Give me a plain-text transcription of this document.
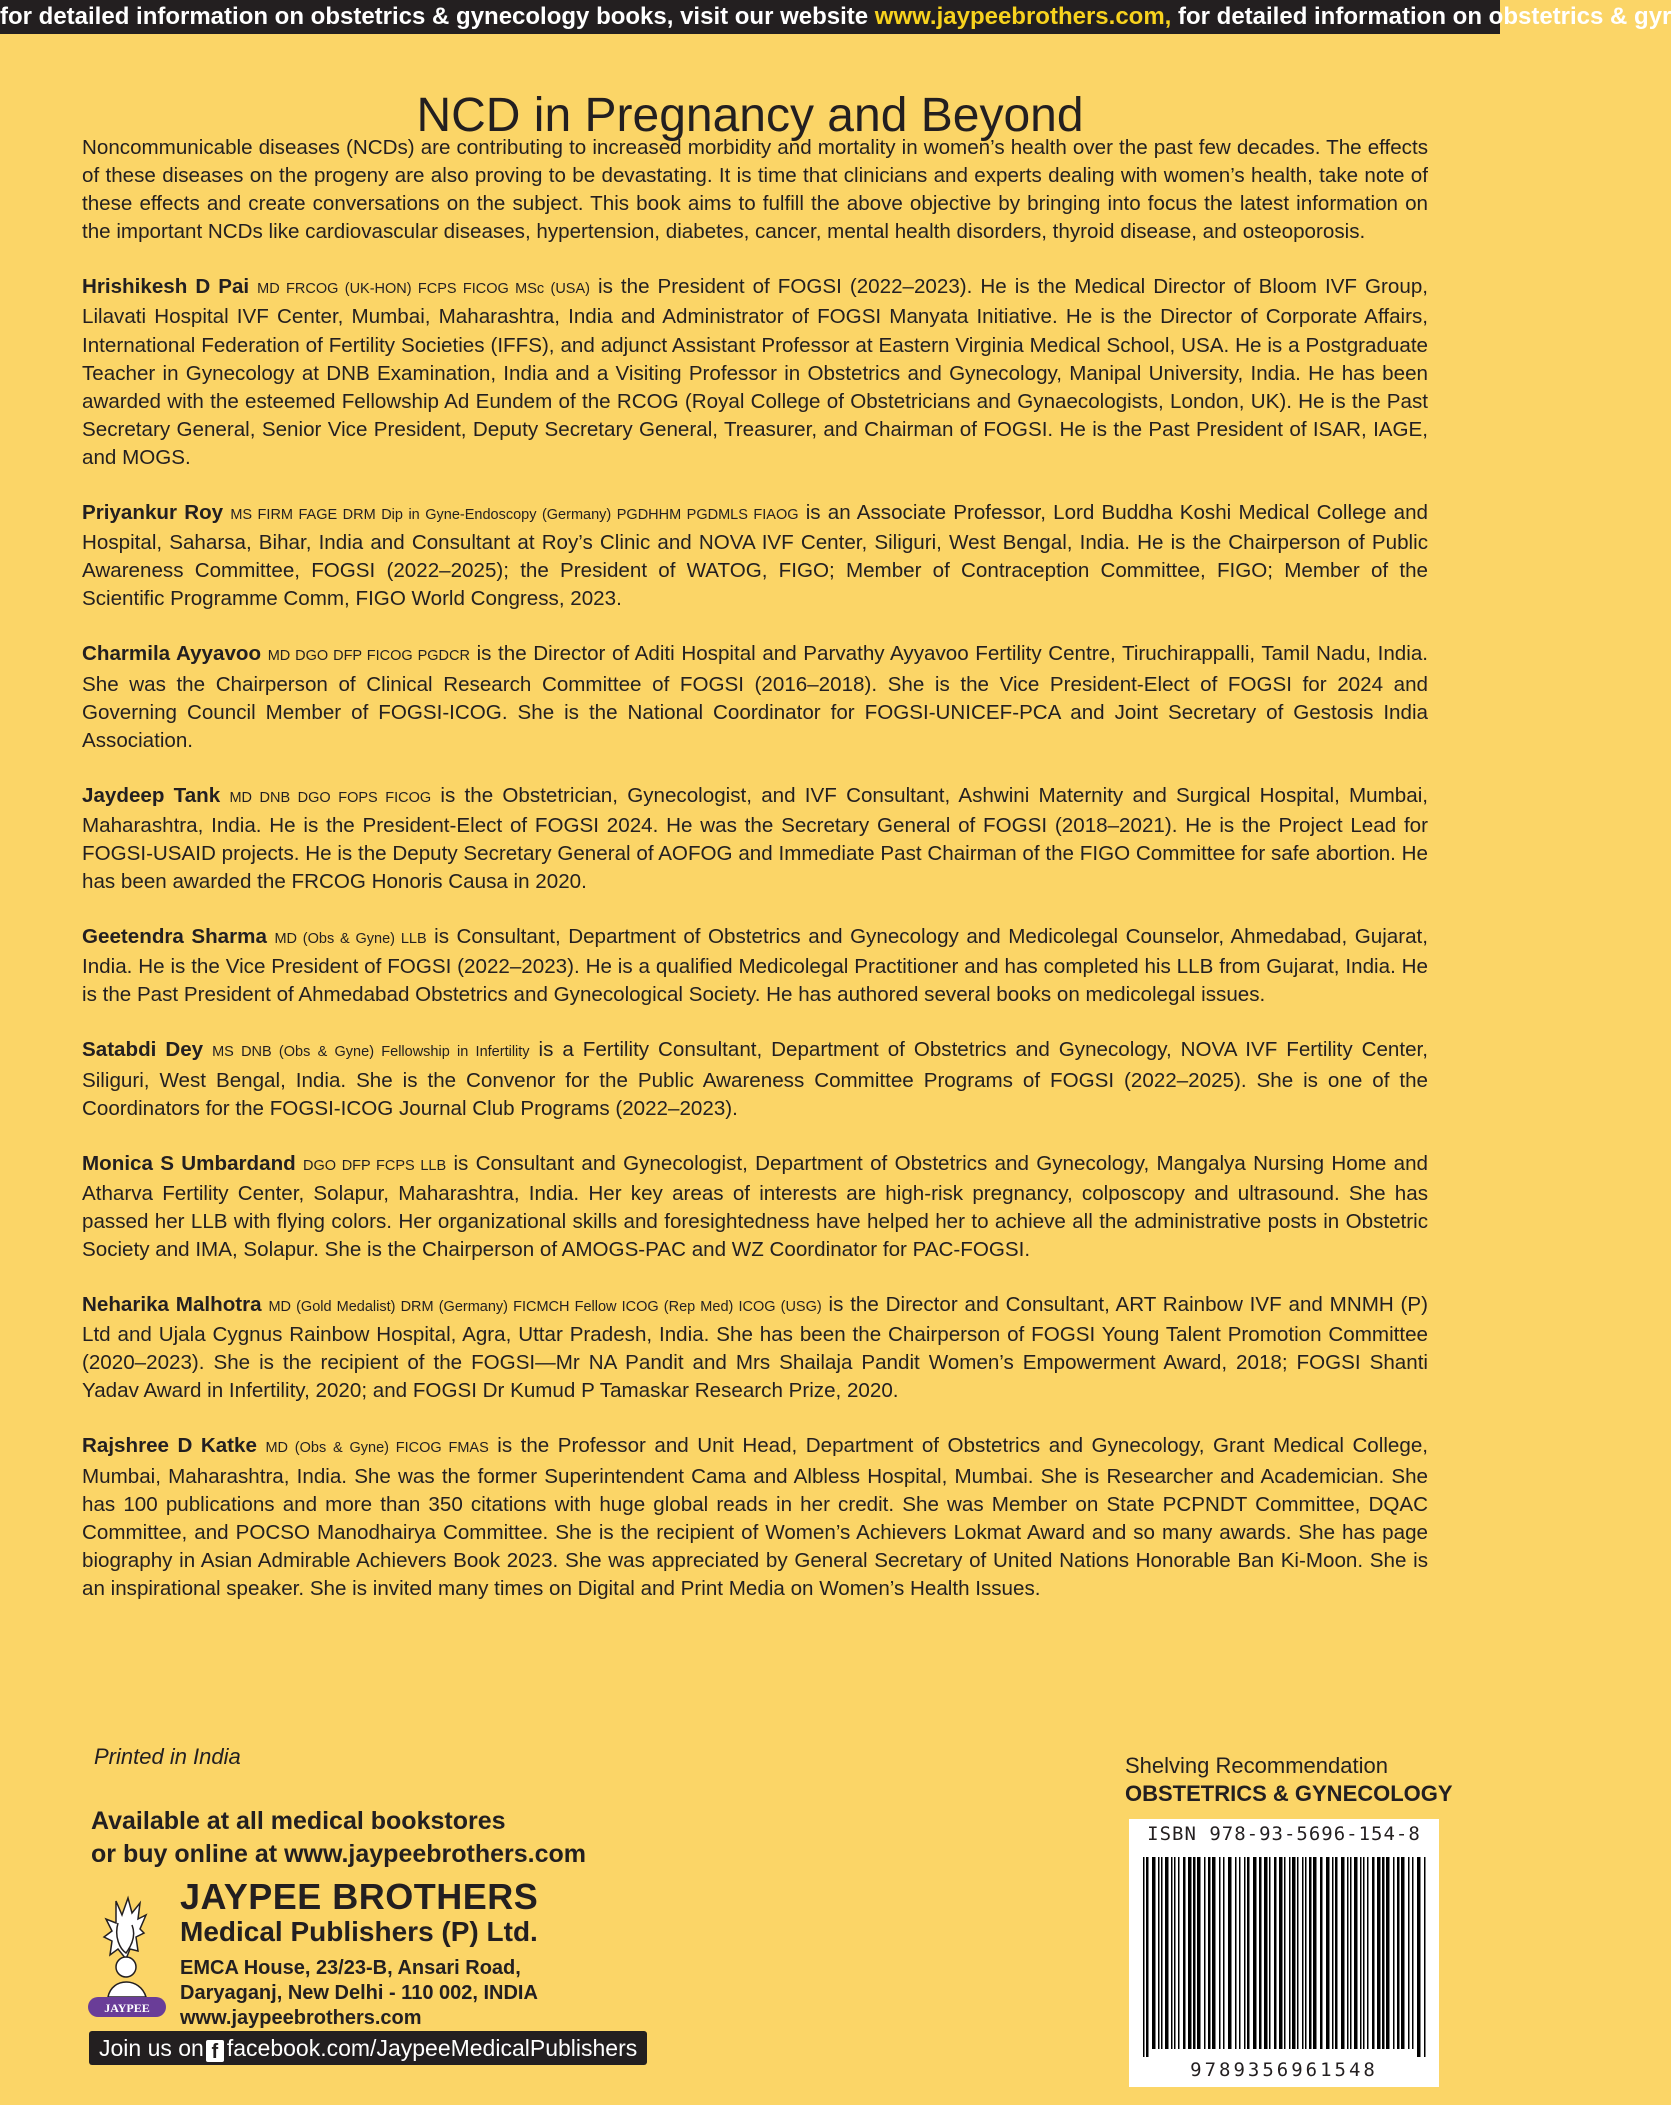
for detailed information on obstetrics & gynecology books, visit our website www.jaypeebrothers.com, for detailed information on obstetrics & gyr
NCD in Pregnancy and Beyond

Noncommunicable diseases (NCDs) are contributing to increased morbidity and mortality in women’s health over the past few decades. The effects of these diseases on the progeny are also proving to be devastating. It is time that clinicians and experts dealing with women’s health, take note of these effects and create conversations on the subject. This book aims to fulfill the above objective by bringing into focus the latest information on the important NCDs like cardiovascular diseases, hypertension, diabetes, cancer, mental health disorders, thyroid disease, and osteoporosis.

Hrishikesh D Pai MD FRCOG (UK-HON) FCPS FICOG MSc (USA) is the President of FOGSI (2022–2023). He is the Medical Director of Bloom IVF Group, Lilavati Hospital IVF Center, Mumbai, Maharashtra, India and Administrator of FOGSI Manyata Initiative. He is the Director of Corporate Affairs, International Federation of Fertility Societies (IFFS), and adjunct Assistant Professor at Eastern Virginia Medical School, USA. He is a Postgraduate Teacher in Gynecology at DNB Examination, India and a Visiting Professor in Obstetrics and Gynecology, Manipal University, India. He has been awarded with the esteemed Fellowship Ad Eundem of the RCOG (Royal College of Obstetricians and Gynaecologists, London, UK). He is the Past Secretary General, Senior Vice President, Deputy Secretary General, Treasurer, and Chairman of FOGSI. He is the Past President of ISAR, IAGE, and MOGS.

Priyankur Roy MS FIRM FAGE DRM Dip in Gyne-Endoscopy (Germany) PGDHHM PGDMLS FIAOG is an Associate Professor, Lord Buddha Koshi Medical College and Hospital, Saharsa, Bihar, India and Consultant at Roy’s Clinic and NOVA IVF Center, Siliguri, West Bengal, India. He is the Chairperson of Public Awareness Committee, FOGSI (2022–2025); the President of WATOG, FIGO; Member of Contraception Committee, FIGO; Member of the Scientific Programme Comm, FIGO World Congress, 2023.

Charmila Ayyavoo MD DGO DFP FICOG PGDCR is the Director of Aditi Hospital and Parvathy Ayyavoo Fertility Centre, Tiruchirappalli, Tamil Nadu, India. She was the Chairperson of Clinical Research Committee of FOGSI (2016–2018). She is the Vice President-Elect of FOGSI for 2024 and Governing Council Member of FOGSI-ICOG. She is the National Coordinator for FOGSI-UNICEF-PCA and Joint Secretary of Gestosis India Association.

Jaydeep Tank MD DNB DGO FOPS FICOG is the Obstetrician, Gynecologist, and IVF Consultant, Ashwini Maternity and Surgical Hospital, Mumbai, Maharashtra, India. He is the President-Elect of FOGSI 2024. He was the Secretary General of FOGSI (2018–2021). He is the Project Lead for FOGSI-USAID projects. He is the Deputy Secretary General of AOFOG and Immediate Past Chairman of the FIGO Committee for safe abortion. He has been awarded the FRCOG Honoris Causa in 2020.

Geetendra Sharma MD (Obs & Gyne) LLB is Consultant, Department of Obstetrics and Gynecology and Medicolegal Counselor, Ahmedabad, Gujarat, India. He is the Vice President of FOGSI (2022–2023). He is a qualified Medicolegal Practitioner and has completed his LLB from Gujarat, India. He is the Past President of Ahmedabad Obstetrics and Gynecological Society. He has authored several books on medicolegal issues.

Satabdi Dey MS DNB (Obs & Gyne) Fellowship in Infertility is a Fertility Consultant, Department of Obstetrics and Gynecology, NOVA IVF Fertility Center, Siliguri, West Bengal, India. She is the Convenor for the Public Awareness Committee Programs of FOGSI (2022–2025). She is one of the Coordinators for the FOGSI-ICOG Journal Club Programs (2022–2023).

Monica S Umbardand DGO DFP FCPS LLB is Consultant and Gynecologist, Department of Obstetrics and Gynecology, Mangalya Nursing Home and Atharva Fertility Center, Solapur, Maharashtra, India. Her key areas of interests are high-risk pregnancy, colposcopy and ultrasound. She has passed her LLB with flying colors. Her organizational skills and foresightedness have helped her to achieve all the administrative posts in Obstetric Society and IMA, Solapur. She is the Chairperson of AMOGS-PAC and WZ Coordinator for PAC-FOGSI.

Neharika Malhotra MD (Gold Medalist) DRM (Germany) FICMCH Fellow ICOG (Rep Med) ICOG (USG) is the Director and Consultant, ART Rainbow IVF and MNMH (P) Ltd and Ujala Cygnus Rainbow Hospital, Agra, Uttar Pradesh, India. She has been the Chairperson of FOGSI Young Talent Promotion Committee (2020–2023). She is the recipient of the FOGSI—Mr NA Pandit and Mrs Shailaja Pandit Women’s Empowerment Award, 2018; FOGSI Shanti Yadav Award in Infertility, 2020; and FOGSI Dr Kumud P Tamaskar Research Prize, 2020.

Rajshree D Katke MD (Obs & Gyne) FICOG FMAS is the Professor and Unit Head, Department of Obstetrics and Gynecology, Grant Medical College, Mumbai, Maharashtra, India. She was the former Superintendent Cama and Albless Hospital, Mumbai. She is Researcher and Academician. She has 100 publications and more than 350 citations with huge global reads in her credit. She was Member on State PCPNDT Committee, DQAC Committee, and POCSO Manodhairya Committee. She is the recipient of Women’s Achievers Lokmat Award and so many awards. She has page biography in Asian Admirable Achievers Book 2023. She was appreciated by General Secretary of United Nations Honorable Ban Ki-Moon. She is an inspirational speaker. She is invited many times on Digital and Print Media on Women’s Health Issues.

Printed in India
Available at all medical bookstores
or buy online at www.jaypeebrothers.com
JAYPEE
JAYPEE BROTHERS
Medical Publishers (P) Ltd.
EMCA House, 23/23-B, Ansari Road,
Daryaganj, New Delhi - 110 002, INDIA
www.jaypeebrothers.com
Join us on f facebook.com/JaypeeMedicalPublishers
Shelving Recommendation
OBSTETRICS & GYNECOLOGY
ISBN 978-93-5696-154-8
9789356961548
